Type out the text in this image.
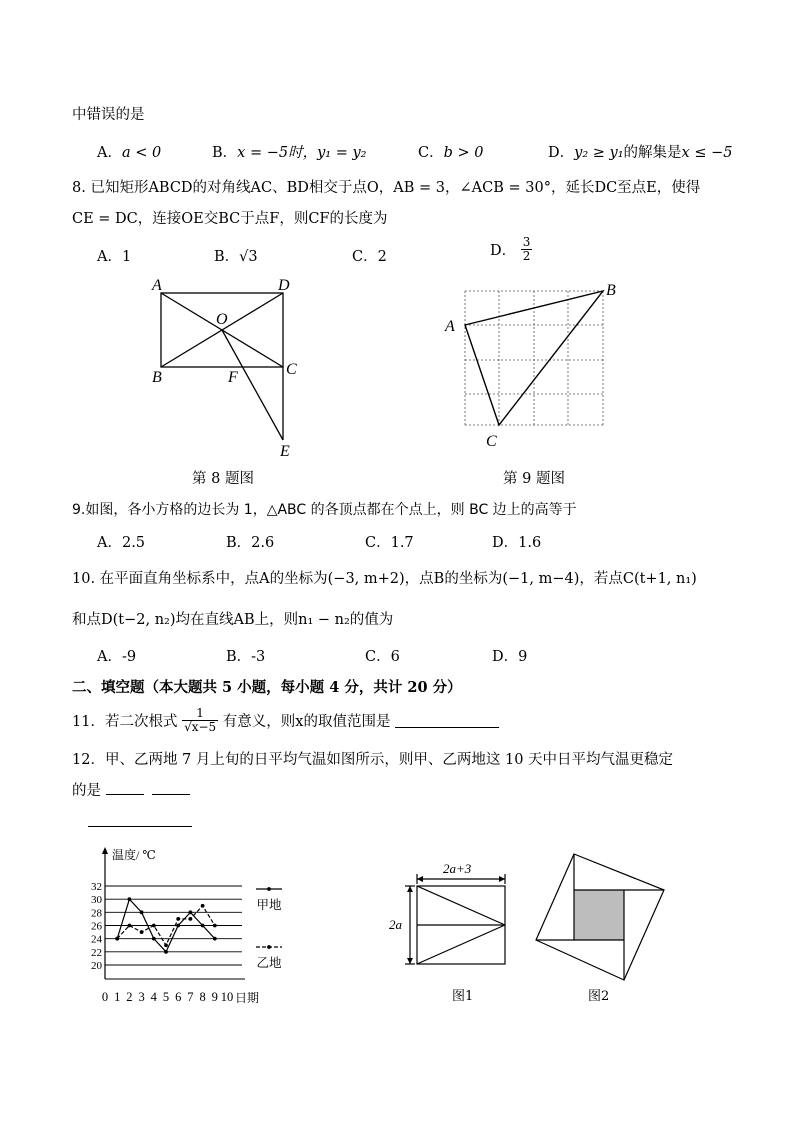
中错误的是
A．a < 0	B．x = −5时，y₁ = y₂	C．b > 0	D．y₂ ≥ y₁的解集是x ≤ −5
8. 已知矩形ABCD的对角线AC、BD相交于点O，AB = 3，∠ACB = 30°，延长DC至点E，使得
CE = DC，连接OE交BC于点F，则CF的长度为
A．1	B．√3	C．2	D． $\frac{3}{2}$
A	D
O
B	F	C
E
第 8 题图
A
B
C
第 9 题图
9.如图，各小方格的边长为 1，△ABC 的各顶点都在个点上，则 BC 边上的高等于
A．2.5	B．2.6	C．1.7	D．1.6
10. 在平面直角坐标系中，点A的坐标为(−3, m+2)，点B的坐标为(−1, m−4)，若点C(t+1, n₁)
和点D(t−2, n₂)均在直线AB上，则n₁ − n₂的值为
A．-9	B．-3	C．6	D．9
二、填空题（本大题共 5 小题，每小题 4 分，共计 20 分）
11．若二次根式 $\frac{1}{√x-5}$ 有意义，则x的取值范围是
12．甲、乙两地 7 月上旬的日平均气温如图所示，则甲、乙两地这 10 天中日平均气温更稳定
的是
20
22
24
26
28
30
32
0 1 2 3 4 5 6 7 8 9 10
温度/ ℃
日期
甲地
乙地
2a+3
2a
图1	图2
